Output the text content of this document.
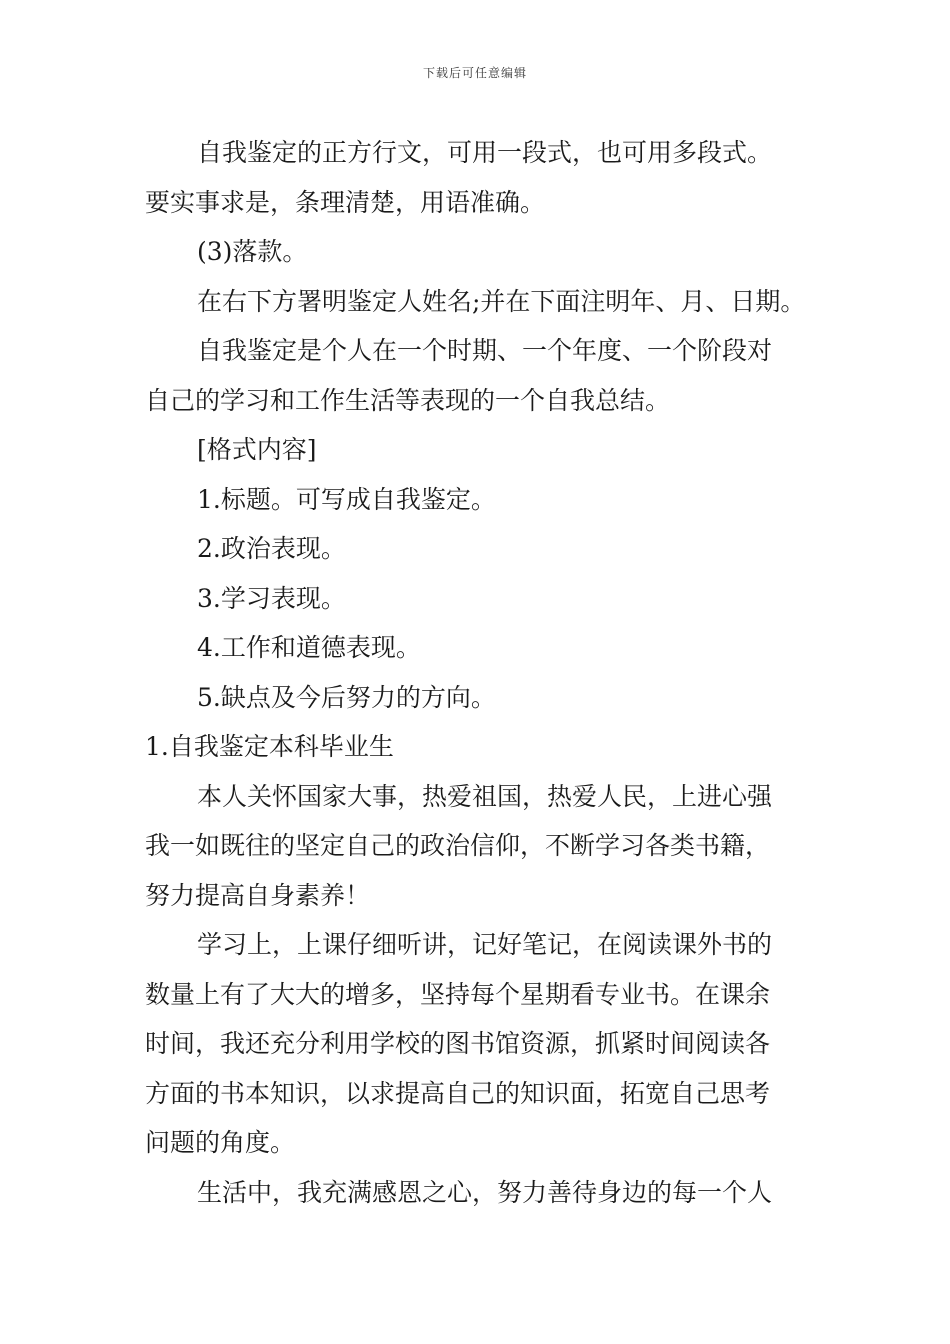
下载后可任意编辑

自我鉴定的正方行文，可用一段式，也可用多段式。

要实事求是，条理清楚，用语准确。

(3)落款。

在右下方署明鉴定人姓名;并在下面注明年、月、日期。

自我鉴定是个人在一个时期、一个年度、一个阶段对

自己的学习和工作生活等表现的一个自我总结。

[格式内容]

1.标题。可写成自我鉴定。

2.政治表现。

3.学习表现。

4.工作和道德表现。

5.缺点及今后努力的方向。

1.自我鉴定本科毕业生

本人关怀国家大事，热爱祖国，热爱人民，上进心强

我一如既往的坚定自己的政治信仰，不断学习各类书籍，

努力提高自身素养！

学习上，上课仔细听讲，记好笔记，在阅读课外书的

数量上有了大大的增多，坚持每个星期看专业书。在课余

时间，我还充分利用学校的图书馆资源，抓紧时间阅读各

方面的书本知识，以求提高自己的知识面，拓宽自己思考

问题的角度。

生活中，我充满感恩之心，努力善待身边的每一个人
